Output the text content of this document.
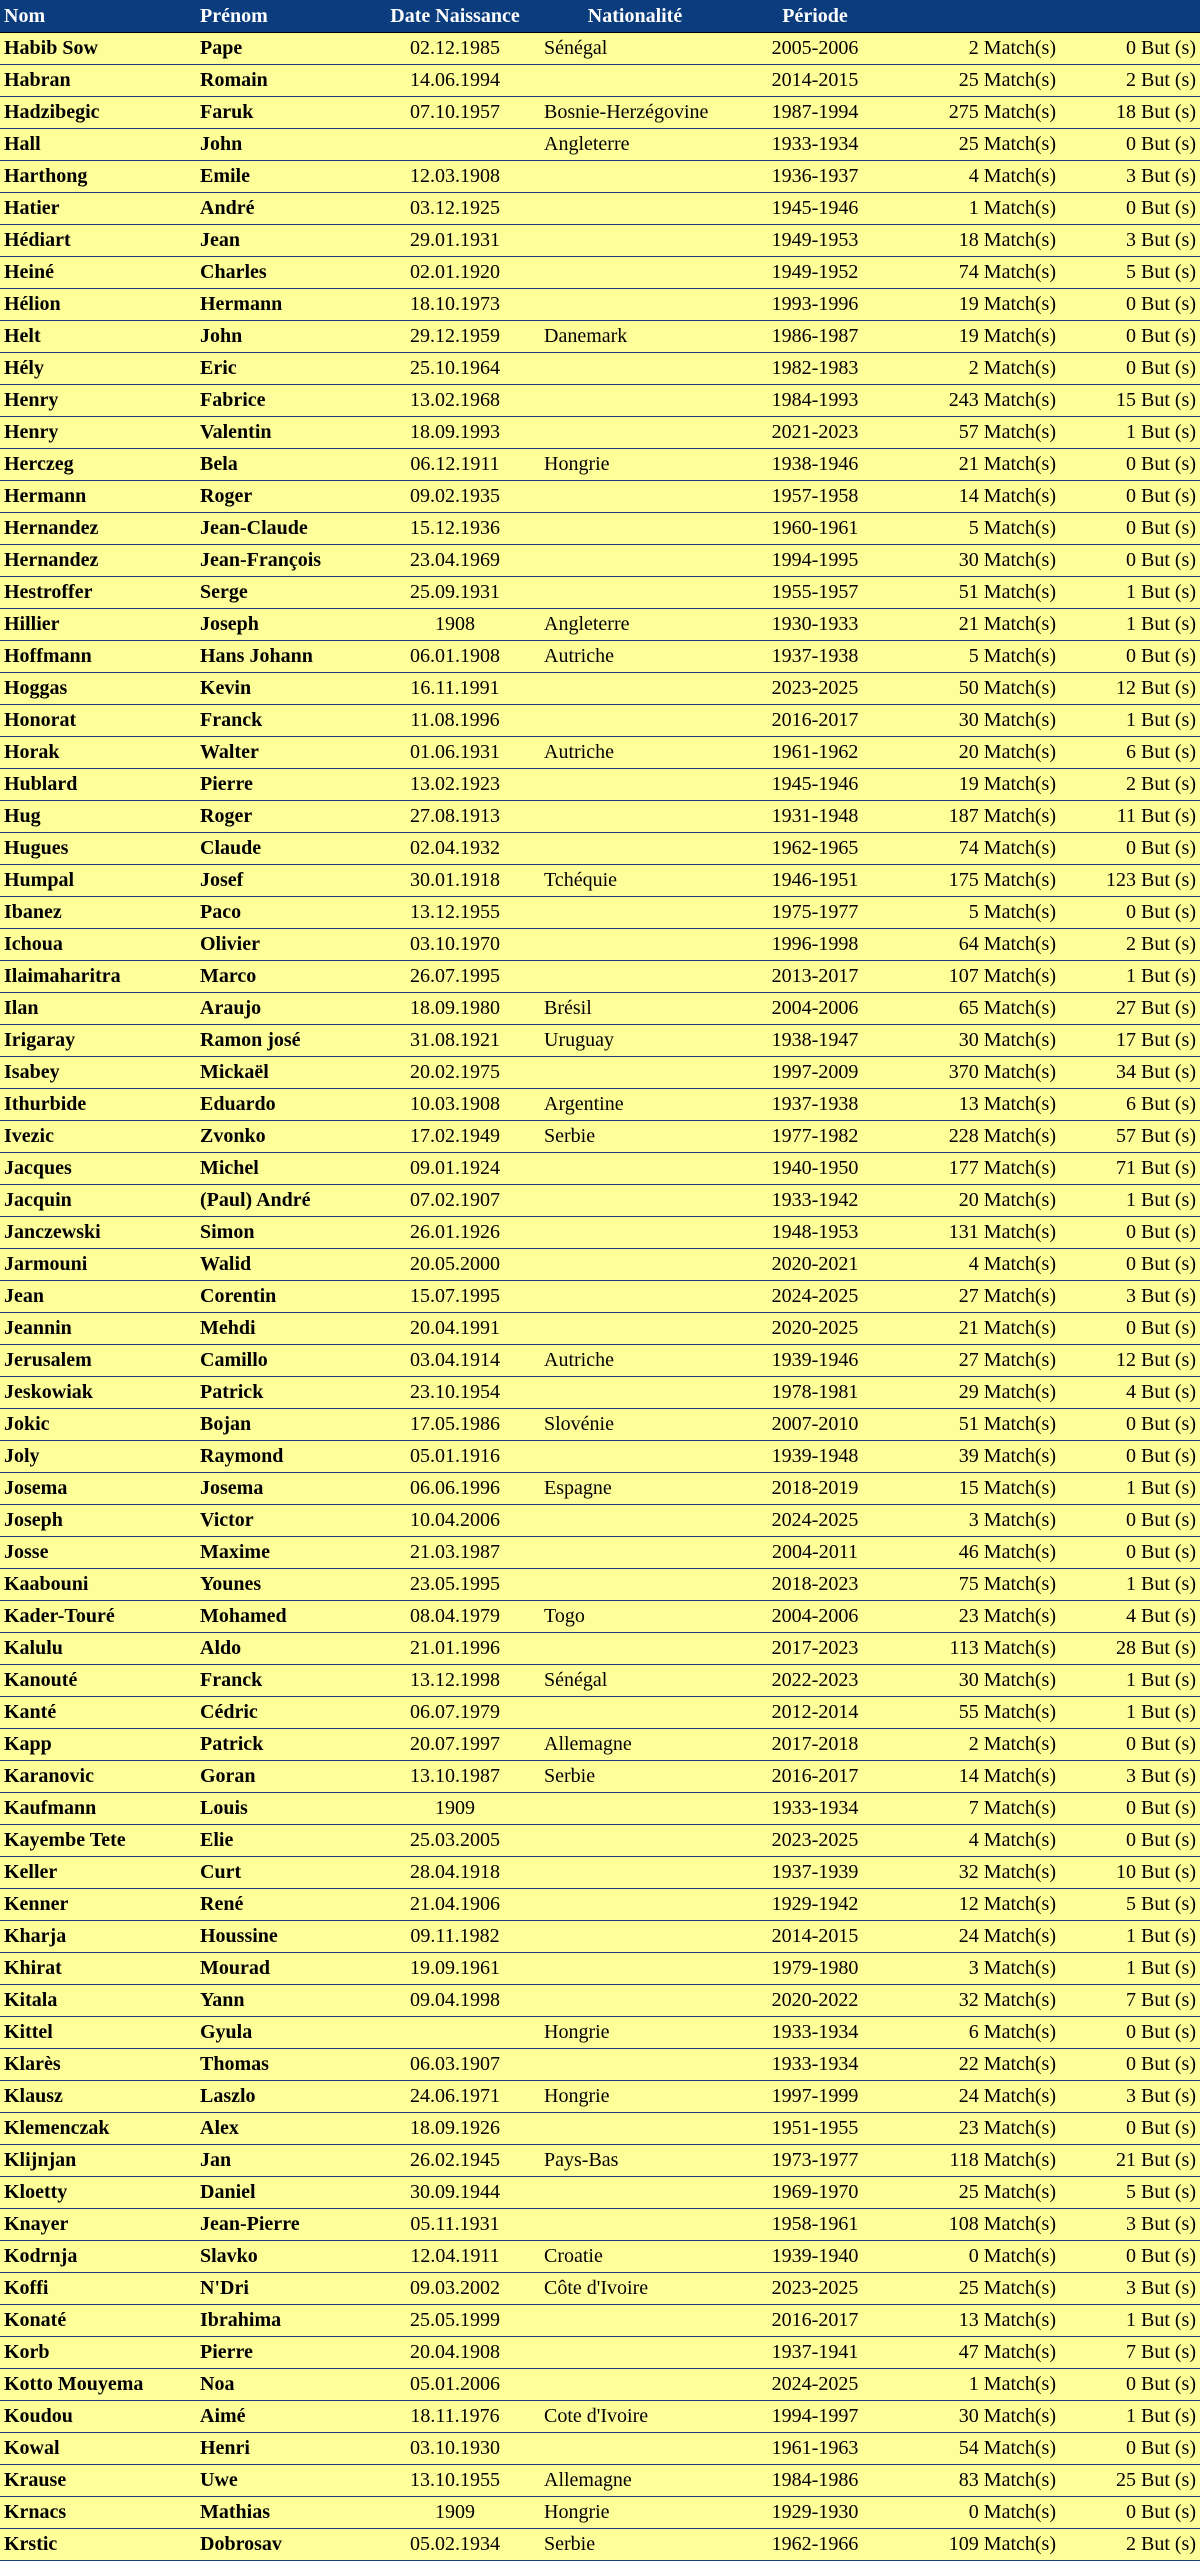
Nom	Prénom	Date Naissance	Nationalité	Période		
Habib Sow	Pape	02.12.1985	Sénégal	2005-2006	2 Match(s)	0 But (s)
Habran	Romain	14.06.1994		2014-2015	25 Match(s)	2 But (s)
Hadzibegic	Faruk	07.10.1957	Bosnie-Herzégovine	1987-1994	275 Match(s)	18 But (s)
Hall	John		Angleterre	1933-1934	25 Match(s)	0 But (s)
Harthong	Emile	12.03.1908		1936-1937	4 Match(s)	3 But (s)
Hatier	André	03.12.1925		1945-1946	1 Match(s)	0 But (s)
Hédiart	Jean	29.01.1931		1949-1953	18 Match(s)	3 But (s)
Heiné	Charles	02.01.1920		1949-1952	74 Match(s)	5 But (s)
Hélion	Hermann	18.10.1973		1993-1996	19 Match(s)	0 But (s)
Helt	John	29.12.1959	Danemark	1986-1987	19 Match(s)	0 But (s)
Hély	Eric	25.10.1964		1982-1983	2 Match(s)	0 But (s)
Henry	Fabrice	13.02.1968		1984-1993	243 Match(s)	15 But (s)
Henry	Valentin	18.09.1993		2021-2023	57 Match(s)	1 But (s)
Herczeg	Bela	06.12.1911	Hongrie	1938-1946	21 Match(s)	0 But (s)
Hermann	Roger	09.02.1935		1957-1958	14 Match(s)	0 But (s)
Hernandez	Jean-Claude	15.12.1936		1960-1961	5 Match(s)	0 But (s)
Hernandez	Jean-François	23.04.1969		1994-1995	30 Match(s)	0 But (s)
Hestroffer	Serge	25.09.1931		1955-1957	51 Match(s)	1 But (s)
Hillier	Joseph	1908	Angleterre	1930-1933	21 Match(s)	1 But (s)
Hoffmann	Hans Johann	06.01.1908	Autriche	1937-1938	5 Match(s)	0 But (s)
Hoggas	Kevin	16.11.1991		2023-2025	50 Match(s)	12 But (s)
Honorat	Franck	11.08.1996		2016-2017	30 Match(s)	1 But (s)
Horak	Walter	01.06.1931	Autriche	1961-1962	20 Match(s)	6 But (s)
Hublard	Pierre	13.02.1923		1945-1946	19 Match(s)	2 But (s)
Hug	Roger	27.08.1913		1931-1948	187 Match(s)	11 But (s)
Hugues	Claude	02.04.1932		1962-1965	74 Match(s)	0 But (s)
Humpal	Josef	30.01.1918	Tchéquie	1946-1951	175 Match(s)	123 But (s)
Ibanez	Paco	13.12.1955		1975-1977	5 Match(s)	0 But (s)
Ichoua	Olivier	03.10.1970		1996-1998	64 Match(s)	2 But (s)
Ilaimaharitra	Marco	26.07.1995		2013-2017	107 Match(s)	1 But (s)
Ilan	Araujo	18.09.1980	Brésil	2004-2006	65 Match(s)	27 But (s)
Irigaray	Ramon josé	31.08.1921	Uruguay	1938-1947	30 Match(s)	17 But (s)
Isabey	Mickaël	20.02.1975		1997-2009	370 Match(s)	34 But (s)
Ithurbide	Eduardo	10.03.1908	Argentine	1937-1938	13 Match(s)	6 But (s)
Ivezic	Zvonko	17.02.1949	Serbie	1977-1982	228 Match(s)	57 But (s)
Jacques	Michel	09.01.1924		1940-1950	177 Match(s)	71 But (s)
Jacquin	(Paul) André	07.02.1907		1933-1942	20 Match(s)	1 But (s)
Janczewski	Simon	26.01.1926		1948-1953	131 Match(s)	0 But (s)
Jarmouni	Walid	20.05.2000		2020-2021	4 Match(s)	0 But (s)
Jean	Corentin	15.07.1995		2024-2025	27 Match(s)	3 But (s)
Jeannin	Mehdi	20.04.1991		2020-2025	21 Match(s)	0 But (s)
Jerusalem	Camillo	03.04.1914	Autriche	1939-1946	27 Match(s)	12 But (s)
Jeskowiak	Patrick	23.10.1954		1978-1981	29 Match(s)	4 But (s)
Jokic	Bojan	17.05.1986	Slovénie	2007-2010	51 Match(s)	0 But (s)
Joly	Raymond	05.01.1916		1939-1948	39 Match(s)	0 But (s)
Josema	Josema	06.06.1996	Espagne	2018-2019	15 Match(s)	1 But (s)
Joseph	Victor	10.04.2006		2024-2025	3 Match(s)	0 But (s)
Josse	Maxime	21.03.1987		2004-2011	46 Match(s)	0 But (s)
Kaabouni	Younes	23.05.1995		2018-2023	75 Match(s)	1 But (s)
Kader-Touré	Mohamed	08.04.1979	Togo	2004-2006	23 Match(s)	4 But (s)
Kalulu	Aldo	21.01.1996		2017-2023	113 Match(s)	28 But (s)
Kanouté	Franck	13.12.1998	Sénégal	2022-2023	30 Match(s)	1 But (s)
Kanté	Cédric	06.07.1979		2012-2014	55 Match(s)	1 But (s)
Kapp	Patrick	20.07.1997	Allemagne	2017-2018	2 Match(s)	0 But (s)
Karanovic	Goran	13.10.1987	Serbie	2016-2017	14 Match(s)	3 But (s)
Kaufmann	Louis	1909		1933-1934	7 Match(s)	0 But (s)
Kayembe Tete	Elie	25.03.2005		2023-2025	4 Match(s)	0 But (s)
Keller	Curt	28.04.1918		1937-1939	32 Match(s)	10 But (s)
Kenner	René	21.04.1906		1929-1942	12 Match(s)	5 But (s)
Kharja	Houssine	09.11.1982		2014-2015	24 Match(s)	1 But (s)
Khirat	Mourad	19.09.1961		1979-1980	3 Match(s)	1 But (s)
Kitala	Yann	09.04.1998		2020-2022	32 Match(s)	7 But (s)
Kittel	Gyula		Hongrie	1933-1934	6 Match(s)	0 But (s)
Klarès	Thomas	06.03.1907		1933-1934	22 Match(s)	0 But (s)
Klausz	Laszlo	24.06.1971	Hongrie	1997-1999	24 Match(s)	3 But (s)
Klemenczak	Alex	18.09.1926		1951-1955	23 Match(s)	0 But (s)
Klijnjan	Jan	26.02.1945	Pays-Bas	1973-1977	118 Match(s)	21 But (s)
Kloetty	Daniel	30.09.1944		1969-1970	25 Match(s)	5 But (s)
Knayer	Jean-Pierre	05.11.1931		1958-1961	108 Match(s)	3 But (s)
Kodrnja	Slavko	12.04.1911	Croatie	1939-1940	0 Match(s)	0 But (s)
Koffi	N'Dri	09.03.2002	Côte d'Ivoire	2023-2025	25 Match(s)	3 But (s)
Konaté	Ibrahima	25.05.1999		2016-2017	13 Match(s)	1 But (s)
Korb	Pierre	20.04.1908		1937-1941	47 Match(s)	7 But (s)
Kotto Mouyema	Noa	05.01.2006		2024-2025	1 Match(s)	0 But (s)
Koudou	Aimé	18.11.1976	Cote d'Ivoire	1994-1997	30 Match(s)	1 But (s)
Kowal	Henri	03.10.1930		1961-1963	54 Match(s)	0 But (s)
Krause	Uwe	13.10.1955	Allemagne	1984-1986	83 Match(s)	25 But (s)
Krnacs	Mathias	1909	Hongrie	1929-1930	0 Match(s)	0 But (s)
Krstic	Dobrosav	05.02.1934	Serbie	1962-1966	109 Match(s)	2 But (s)
